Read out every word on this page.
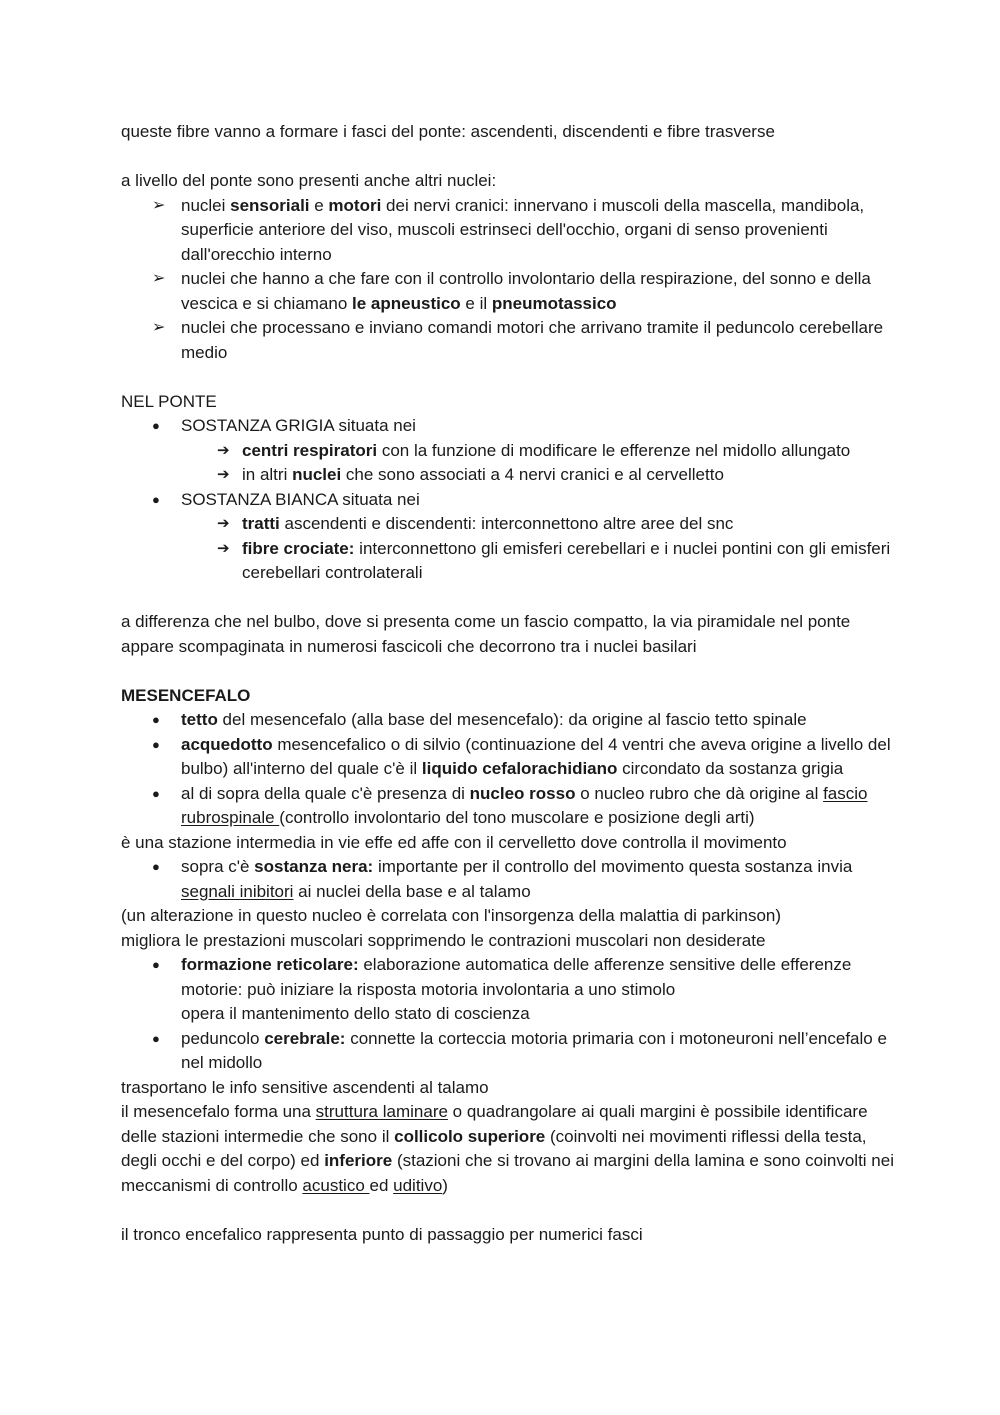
queste fibre vanno a formare i fasci del ponte: ascendenti, discendenti e fibre trasverse

a livello del ponte sono presenti anche altri nuclei:

➢ nuclei sensoriali e motori dei nervi cranici: innervano i muscoli della mascella, mandibola, superficie anteriore del viso, muscoli estrinseci dell'occhio, organi di senso provenienti dall'orecchio interno
➢ nuclei che hanno a che fare con il controllo involontario della respirazione, del sonno e della vescica e si chiamano le apneustico e il pneumotassico
➢ nuclei che processano e inviano comandi motori che arrivano tramite il peduncolo cerebellare medio

NEL PONTE

● SOSTANZA GRIGIA situata nei
➔ centri respiratori con la funzione di modificare le efferenze nel midollo allungato
➔ in altri nuclei che sono associati a 4 nervi cranici e al cervelletto
● SOSTANZA BIANCA situata nei
➔ tratti ascendenti e discendenti: interconnettono altre aree del snc
➔ fibre crociate: interconnettono gli emisferi cerebellari e i nuclei pontini con gli emisferi cerebellari controlaterali

a differenza che nel bulbo, dove si presenta come un fascio compatto, la via piramidale nel ponte appare scompaginata in numerosi fascicoli che decorrono tra i nuclei basilari

MESENCEFALO

● tetto del mesencefalo (alla base del mesencefalo): da origine al fascio tetto spinale
● acquedotto mesencefalico o di silvio (continuazione del 4 ventri che aveva origine a livello del bulbo) all'interno del quale c'è il liquido cefalorachidiano circondato da sostanza grigia
● al di sopra della quale c'è presenza di nucleo rosso o nucleo rubro che dà origine al fascio rubrospinale (controllo involontario del tono muscolare e posizione degli arti)

è una stazione intermedia in vie effe ed affe con il cervelletto dove controlla il movimento

● sopra c'è sostanza nera: importante per il controllo del movimento questa sostanza invia segnali inibitori ai nuclei della base e al talamo

(un alterazione in questo nucleo è correlata con l'insorgenza della malattia di parkinson)

migliora le prestazioni muscolari sopprimendo le contrazioni muscolari non desiderate

● formazione reticolare: elaborazione automatica delle afferenze sensitive delle efferenze motorie: può iniziare la risposta motoria involontaria a uno stimolo
opera il mantenimento dello stato di coscienza
● peduncolo cerebrale: connette la corteccia motoria primaria con i motoneuroni nell’encefalo e nel midollo

trasportano le info sensitive ascendenti al talamo

il mesencefalo forma una struttura laminare o quadrangolare ai quali margini è possibile identificare delle stazioni intermedie che sono il collicolo superiore (coinvolti nei movimenti riflessi della testa, degli occhi e del corpo) ed inferiore (stazioni che si trovano ai margini della lamina e sono coinvolti nei meccanismi di controllo acustico ed uditivo)

il tronco encefalico rappresenta punto di passaggio per numerici fasci
